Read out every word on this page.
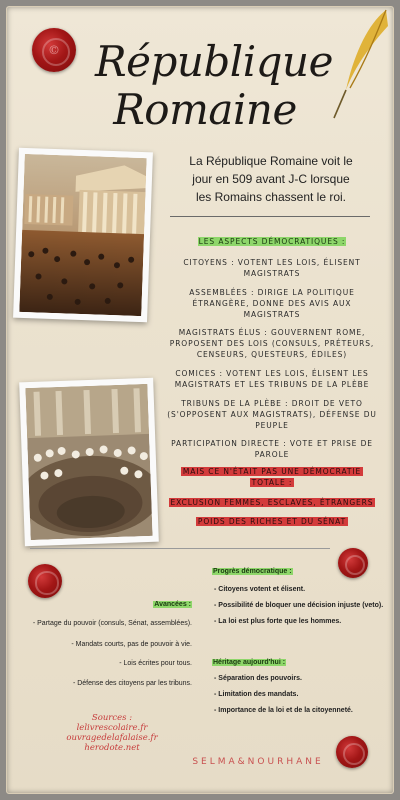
© République
Romaine
La République Romaine voit le jour en 509 avant J-C lorsque les Romains chassent le roi.
LES ASPECTS DÉMOCRATIQUES :
CITOYENS : VOTENT LES LOIS, ÉLISENT MAGISTRATS
ASSEMBLÉES : DIRIGE LA POLITIQUE ÉTRANGÈRE, DONNE DES AVIS AUX MAGISTRATS
MAGISTRATS ÉLUS : GOUVERNENT ROME, PROPOSENT DES LOIS (CONSULS, PRÉTEURS, CENSEURS, QUESTEURS, ÉDILES)
COMICES : VOTENT LES LOIS, ÉLISENT LES MAGISTRATS ET LES TRIBUNS DE LA PLÈBE
TRIBUNS DE LA PLÈBE : DROIT DE VETO (S'OPPOSENT AUX MAGISTRATS), DÉFENSE DU PEUPLE
PARTICIPATION DIRECTE : VOTE ET PRISE DE PAROLE
MAIS CE N'ÉTAIT PAS UNE DÉMOCRATIE
TOTALE :
EXCLUSION FEMMES, ESCLAVES, ÉTRANGERS
POIDS DES RICHES ET DU SÉNAT
Progrès démocratique :
- Citoyens votent et élisent.
- Possibilité de bloquer une décision injuste (veto).
- La loi est plus forte que les hommes.
Avancées :
- Partage du pouvoir (consuls, Sénat, assemblées).
- Mandats courts, pas de pouvoir à vie.
- Lois écrites pour tous.
- Défense des citoyens par les tribuns.
Héritage aujourd'hui :
- Séparation des pouvoirs.
- Limitation des mandats.
- Importance de la loi et de la citoyenneté.
Sources : lelivrescolaire.fr
ouvragedelafalaise.fr
herodote.net
SELMA&NOURHANE
